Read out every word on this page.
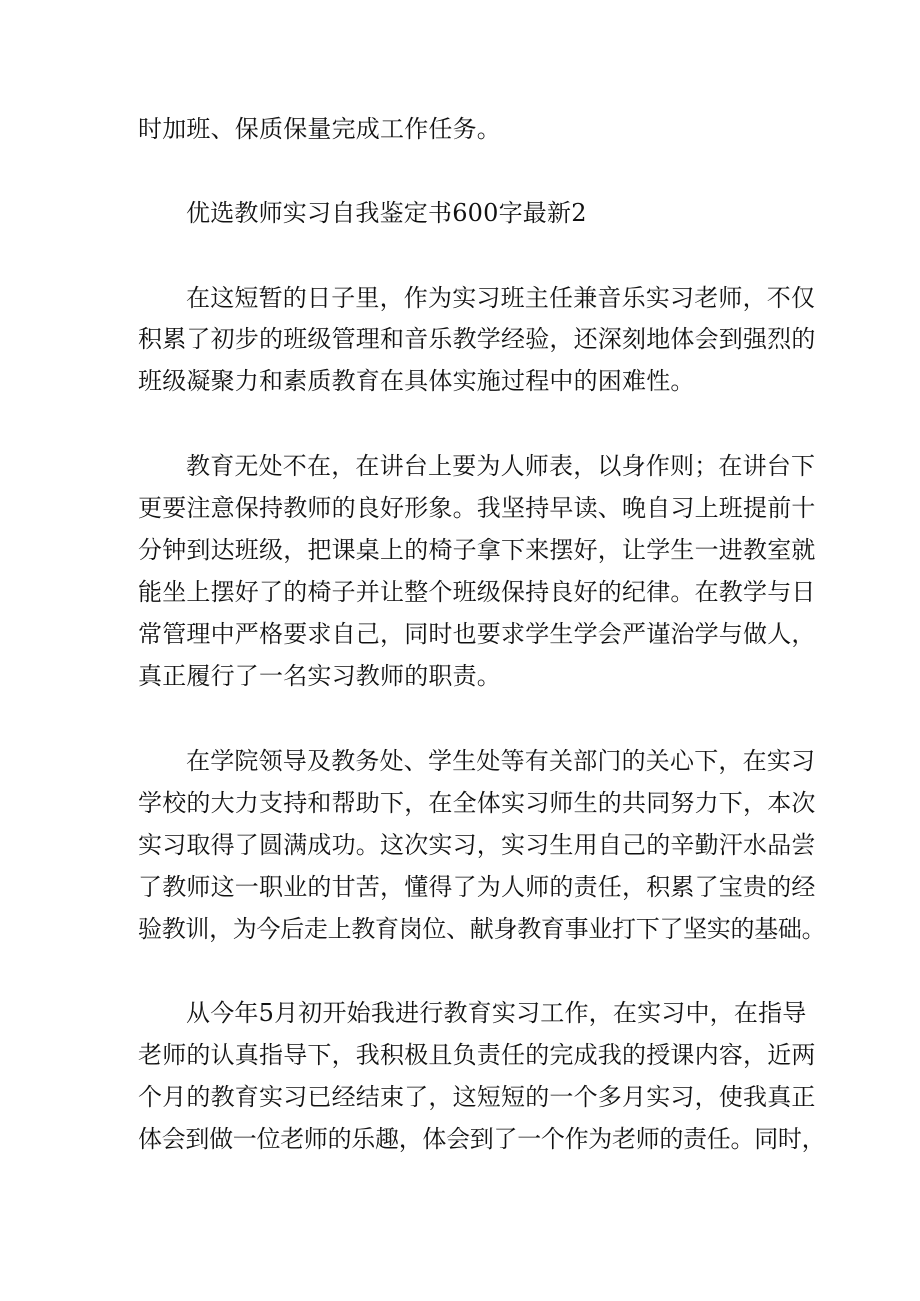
时加班、保质保量完成工作任务。

优选教师实习自我鉴定书600字最新2

在这短暂的日子里，作为实习班主任兼音乐实习老师，不仅

积累了初步的班级管理和音乐教学经验，还深刻地体会到强烈的

班级凝聚力和素质教育在具体实施过程中的困难性。

教育无处不在，在讲台上要为人师表，以身作则；在讲台下

更要注意保持教师的良好形象。我坚持早读、晚自习上班提前十

分钟到达班级，把课桌上的椅子拿下来摆好，让学生一进教室就

能坐上摆好了的椅子并让整个班级保持良好的纪律。在教学与日

常管理中严格要求自己，同时也要求学生学会严谨治学与做人，

真正履行了一名实习教师的职责。

在学院领导及教务处、学生处等有关部门的关心下，在实习

学校的大力支持和帮助下，在全体实习师生的共同努力下，本次

实习取得了圆满成功。这次实习，实习生用自己的辛勤汗水品尝

了教师这一职业的甘苦，懂得了为人师的责任，积累了宝贵的经

验教训，为今后走上教育岗位、献身教育事业打下了坚实的基础。

从今年5月初开始我进行教育实习工作，在实习中，在指导

老师的认真指导下，我积极且负责任的完成我的授课内容，近两

个月的教育实习已经结束了，这短短的一个多月实习，使我真正

体会到做一位老师的乐趣，体会到了一个作为老师的责任。同时，
